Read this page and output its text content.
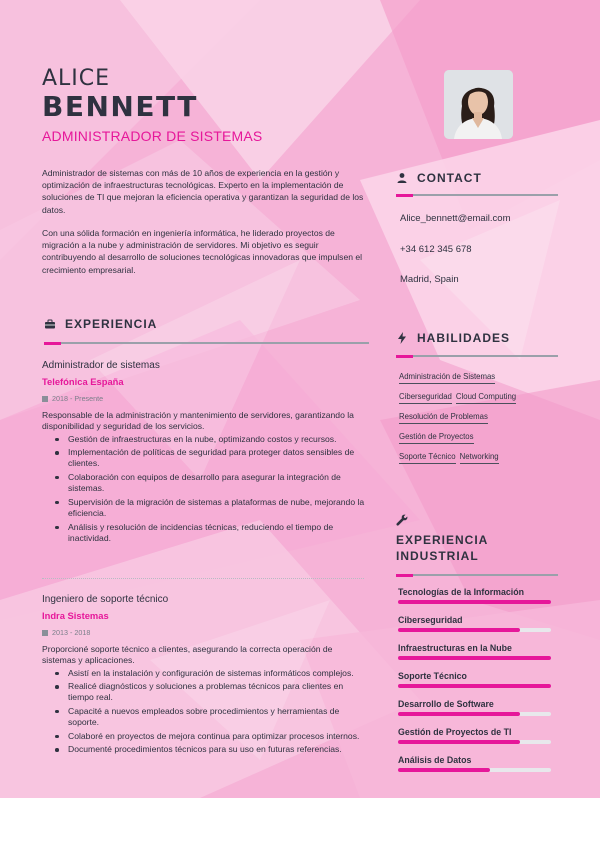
ALICE
BENNETT
ADMINISTRADOR DE SISTEMAS
Administrador de sistemas con más de 10 años de experiencia en la gestión y optimización de infraestructuras tecnológicas. Experto en la implementación de soluciones de TI que mejoran la eficiencia operativa y garantizan la seguridad de los datos.
Con una sólida formación en ingeniería informática, he liderado proyectos de migración a la nube y administración de servidores. Mi objetivo es seguir contribuyendo al desarrollo de soluciones tecnológicas innovadoras que impulsen el crecimiento empresarial.
CONTACT
Alice_bennett@email.com
+34 612 345 678
Madrid, Spain
HABILIDADES
Administración de Sistemas
Ciberseguridad Cloud Computing
Resolución de Problemas
Gestión de Proyectos
Soporte Técnico Networking
EXPERIENCIA
INDUSTRIAL
Tecnologías de la Información
Ciberseguridad
Infraestructuras en la Nube
Soporte Técnico
Desarrollo de Software
Gestión de Proyectos de TI
Análisis de Datos
EXPERIENCIA
Administrador de sistemas
Telefónica España
2018 - Presente
Responsable de la administración y mantenimiento de servidores, garantizando la disponibilidad y seguridad de los servicios.
Gestión de infraestructuras en la nube, optimizando costos y recursos.
Implementación de políticas de seguridad para proteger datos sensibles de clientes.
Colaboración con equipos de desarrollo para asegurar la integración de sistemas.
Supervisión de la migración de sistemas a plataformas de nube, mejorando la eficiencia.
Análisis y resolución de incidencias técnicas, reduciendo el tiempo de inactividad.
Ingeniero de soporte técnico
Indra Sistemas
2013 - 2018
Proporcioné soporte técnico a clientes, asegurando la correcta operación de sistemas y aplicaciones.
Asistí en la instalación y configuración de sistemas informáticos complejos.
Realicé diagnósticos y soluciones a problemas técnicos para clientes en tiempo real.
Capacité a nuevos empleados sobre procedimientos y herramientas de soporte.
Colaboré en proyectos de mejora continua para optimizar procesos internos.
Documenté procedimientos técnicos para su uso en futuras referencias.
